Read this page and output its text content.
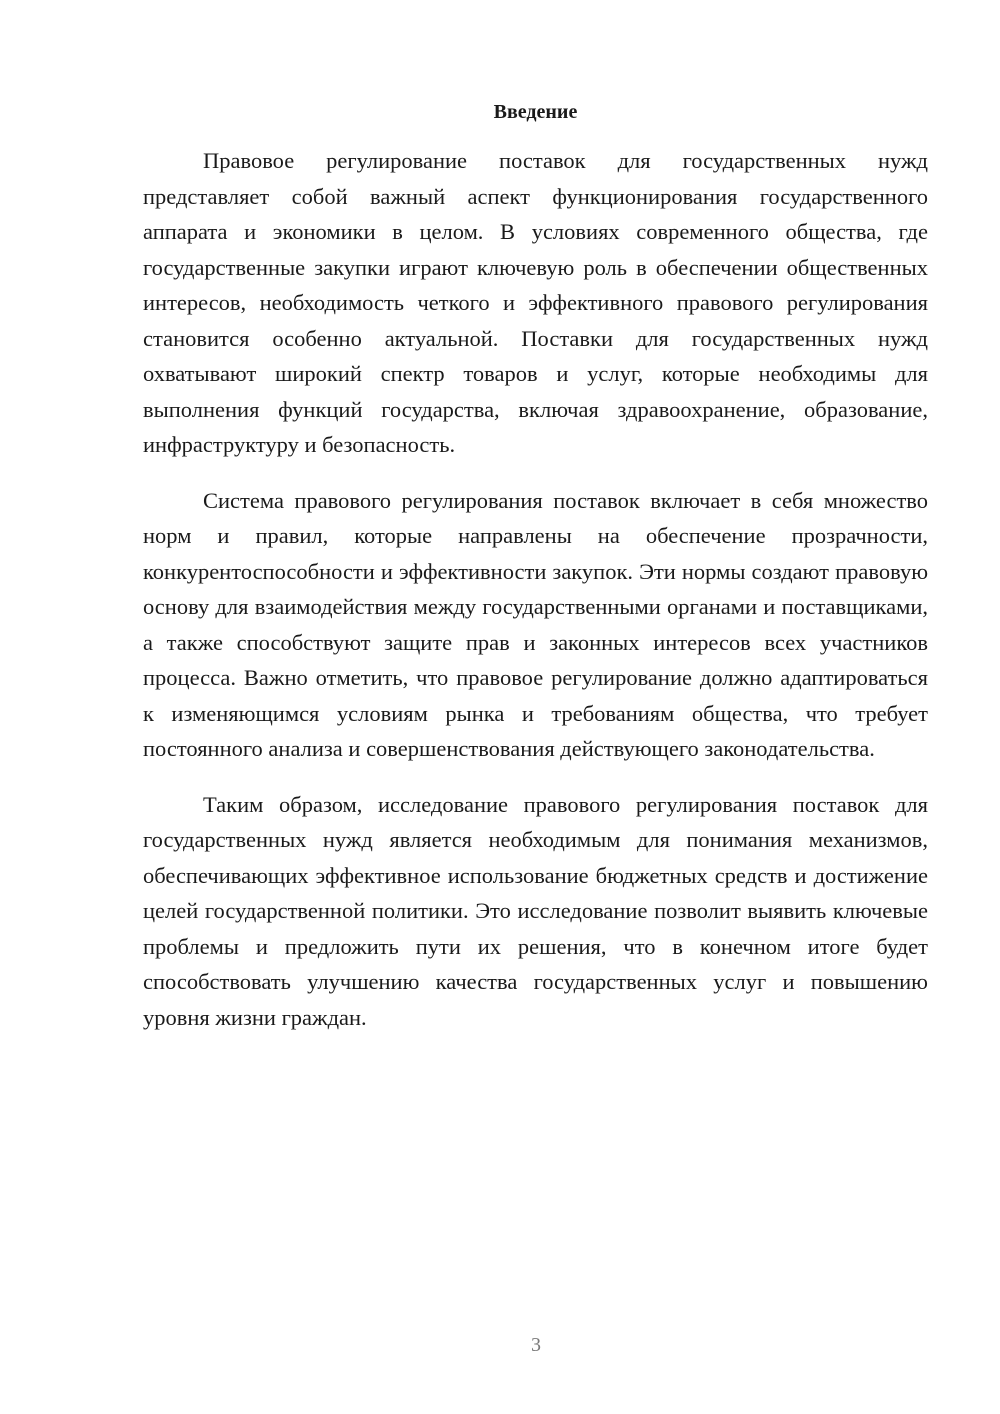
Введение

Правовое регулирование поставок для государственных нужд представляет собой важный аспект функционирования государственного аппарата и экономики в целом. В условиях современного общества, где государственные закупки играют ключевую роль в обеспечении общественных интересов, необходимость четкого и эффективного правового регулирования становится особенно актуальной. Поставки для государственных нужд охватывают широкий спектр товаров и услуг, которые необходимы для выполнения функций государства, включая здравоохранение, образование, инфраструктуру и безопасность.

Система правового регулирования поставок включает в себя множество норм и правил, которые направлены на обеспечение прозрачности, конкурентоспособности и эффективности закупок. Эти нормы создают правовую основу для взаимодействия между государственными органами и поставщиками, а также способствуют защите прав и законных интересов всех участников процесса. Важно отметить, что правовое регулирование должно адаптироваться к изменяющимся условиям рынка и требованиям общества, что требует постоянного анализа и совершенствования действующего законодательства.

Таким образом, исследование правового регулирования поставок для государственных нужд является необходимым для понимания механизмов, обеспечивающих эффективное использование бюджетных средств и достижение целей государственной политики. Это исследование позволит выявить ключевые проблемы и предложить пути их решения, что в конечном итоге будет способствовать улучшению качества государственных услуг и повышению уровня жизни граждан.

3
